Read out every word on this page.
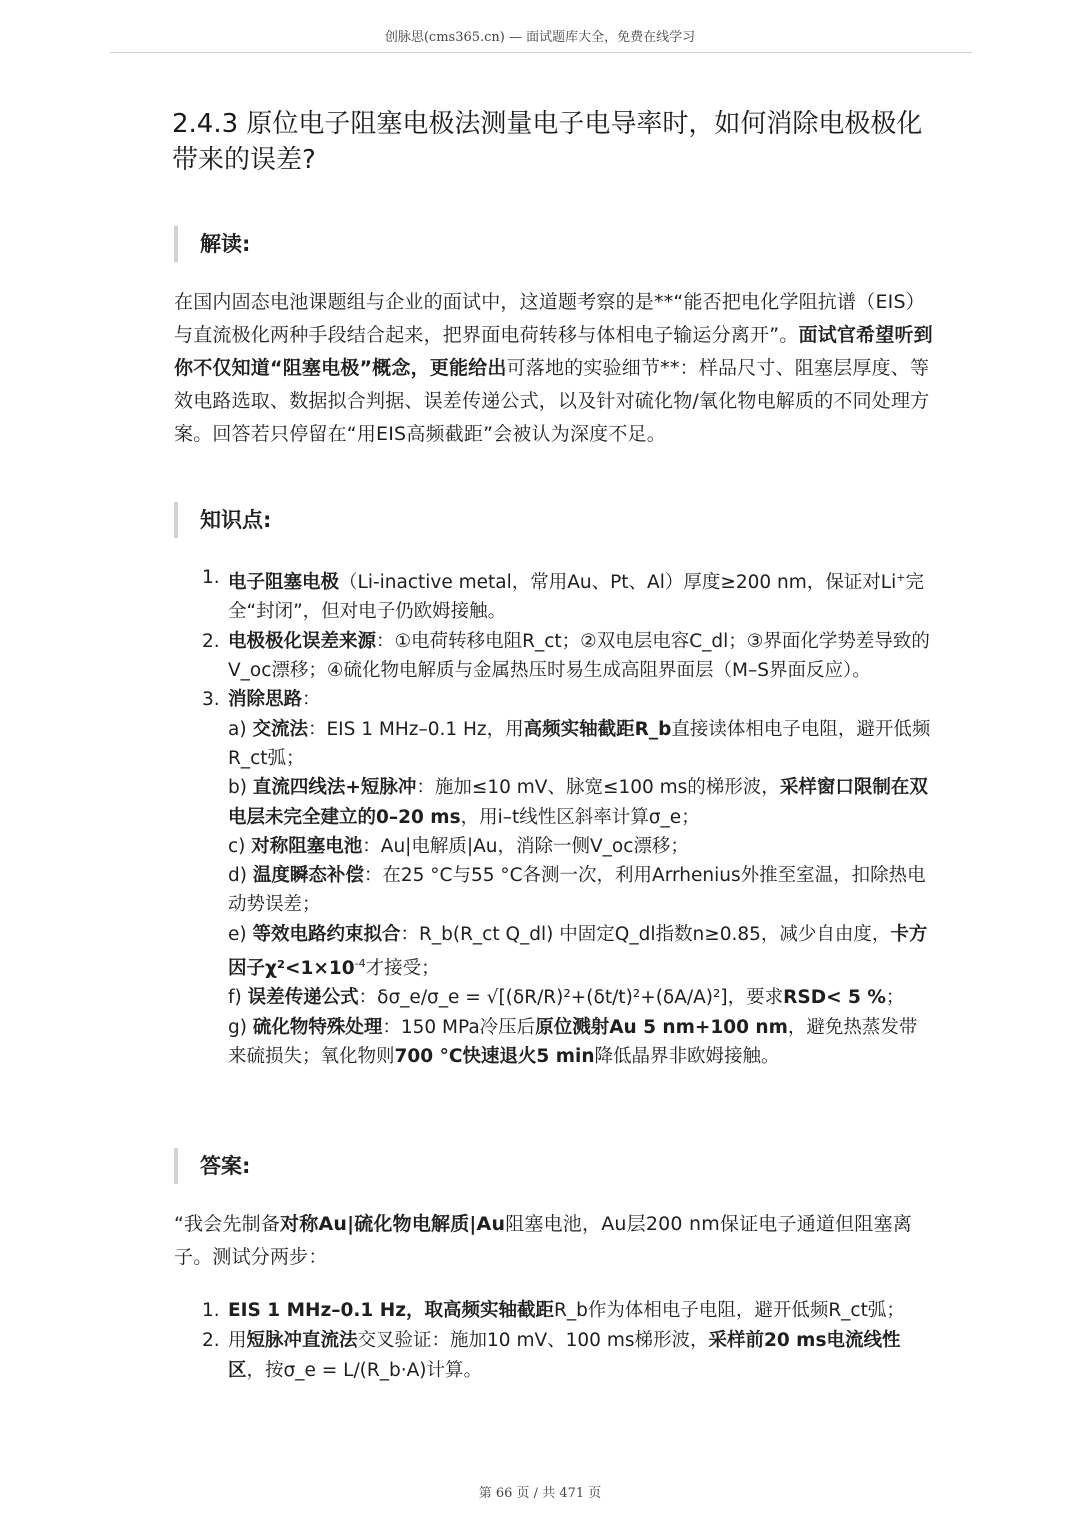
创脉思(cms365.cn) — 面试题库大全，免费在线学习
2.4.3 原位电子阻塞电极法测量电子电导率时，如何消除电极极化带来的误差?
解读:
在国内固态电池课题组与企业的面试中，这道题考察的是**“能否把电化学阻抗谱（EIS）与直流极化两种手段结合起来，把界面电荷转移与体相电子输运分离开”。面试官希望听到你不仅知道“阻塞电极”概念，更能给出可落地的实验细节**：样品尺寸、阻塞层厚度、等效电路选取、数据拟合判据、误差传递公式，以及针对硫化物/氧化物电解质的不同处理方案。回答若只停留在“用EIS高频截距”会被认为深度不足。
知识点:
1. 电子阻塞电极（Li-inactive metal，常用Au、Pt、Al）厚度≥200 nm，保证对Li+完全“封闭”，但对电子仍欧姆接触。
2. 电极极化误差来源：①电荷转移电阻R_ct；②双电层电容C_dl；③界面化学势差导致的V_oc漂移；④硫化物电解质与金属热压时易生成高阻界面层（M–S界面反应）。
3. 消除思路：
a) 交流法：EIS 1 MHz–0.1 Hz，用高频实轴截距R_b直接读体相电子电阻，避开低频R_ct弧；
b) 直流四线法+短脉冲：施加≤10 mV、脉宽≤100 ms的梯形波，采样窗口限制在双电层未完全建立的0–20 ms，用i–t线性区斜率计算σ_e；
c) 对称阻塞电池：Au|电解质|Au，消除一侧V_oc漂移；
d) 温度瞬态补偿：在25 °C与55 °C各测一次，利用Arrhenius外推至室温，扣除热电动势误差；
e) 等效电路约束拟合：R_b(R_ct Q_dl) 中固定Q_dl指数n≥0.85，减少自由度，卡方因子$\chi^2<1\times 10^{-4}$才接受；
f) 误差传递公式：δσ_e/σ_e = √[(δR/R)²+(δt/t)²+(δA/A)²]，要求RSD< 5 %；
g) 硫化物特殊处理：150 MPa冷压后原位溅射Au 5 nm+100 nm，避免热蒸发带来硫损失；氧化物则700 °C快速退火5 min降低晶界非欧姆接触。
答案:
“我会先制备对称Au|硫化物电解质|Au阻塞电池，Au层200 nm保证电子通道但阻塞离子。测试分两步：
1. EIS 1 MHz–0.1 Hz，取高频实轴截距R_b作为体相电子电阻，避开低频R_ct弧；
2. 用短脉冲直流法交叉验证：施加10 mV、100 ms梯形波，采样前20 ms电流线性区，按σ_e = L/(R_b·A)计算。
第 66 页 / 共 471 页
